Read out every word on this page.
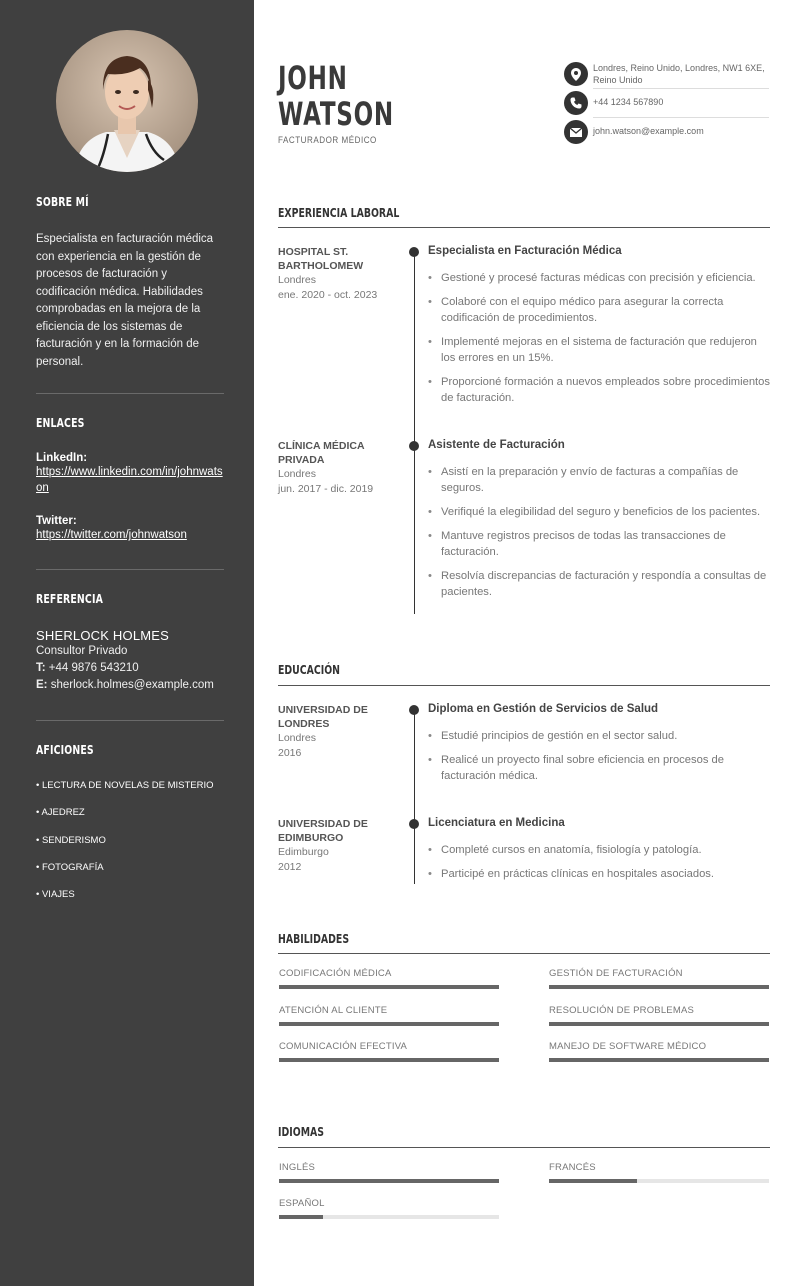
SOBRE MÍ
Especialista en facturación médica con experiencia en la gestión de procesos de facturación y codificación médica. Habilidades comprobadas en la mejora de la eficiencia de los sistemas de facturación y en la formación de personal.
ENLACES
LinkedIn:
https://www.linkedin.com/in/johnwatson
Twitter:
https://twitter.com/johnwatson
REFERENCIA
SHERLOCK HOLMES
Consultor Privado
T: +44 9876 543210
E: sherlock.holmes@example.com
AFICIONES
• LECTURA DE NOVELAS DE MISTERIO
• AJEDREZ
• SENDERISMO
• FOTOGRAFÍA
• VIAJES
JOHN
WATSON
FACTURADOR MÉDICO
Londres, Reino Unido, Londres, NW1 6XE, Reino Unido
+44 1234 567890
john.watson@example.com
EXPERIENCIA LABORAL
HOSPITAL ST. BARTHOLOMEW
Londres
ene. 2020 - oct. 2023
Especialista en Facturación Médica
• Gestioné y procesé facturas médicas con precisión y eficiencia.
• Colaboré con el equipo médico para asegurar la correcta codificación de procedimientos.
• Implementé mejoras en el sistema de facturación que redujeron los errores en un 15%.
• Proporcioné formación a nuevos empleados sobre procedimientos de facturación.
CLÍNICA MÉDICA PRIVADA
Londres
jun. 2017 - dic. 2019
Asistente de Facturación
• Asistí en la preparación y envío de facturas a compañías de seguros.
• Verifiqué la elegibilidad del seguro y beneficios de los pacientes.
• Mantuve registros precisos de todas las transacciones de facturación.
• Resolvía discrepancias de facturación y respondía a consultas de pacientes.
EDUCACIÓN
UNIVERSIDAD DE LONDRES
Londres
2016
Diploma en Gestión de Servicios de Salud
• Estudié principios de gestión en el sector salud.
• Realicé un proyecto final sobre eficiencia en procesos de facturación médica.
UNIVERSIDAD DE EDIMBURGO
Edimburgo
2012
Licenciatura en Medicina
• Completé cursos en anatomía, fisiología y patología.
• Participé en prácticas clínicas en hospitales asociados.
HABILIDADES
CODIFICACIÓN MÉDICA	GESTIÓN DE FACTURACIÓN
ATENCIÓN AL CLIENTE	RESOLUCIÓN DE PROBLEMAS
COMUNICACIÓN EFECTIVA	MANEJO DE SOFTWARE MÉDICO
IDIOMAS
INGLÉS	FRANCÉS
ESPAÑOL
